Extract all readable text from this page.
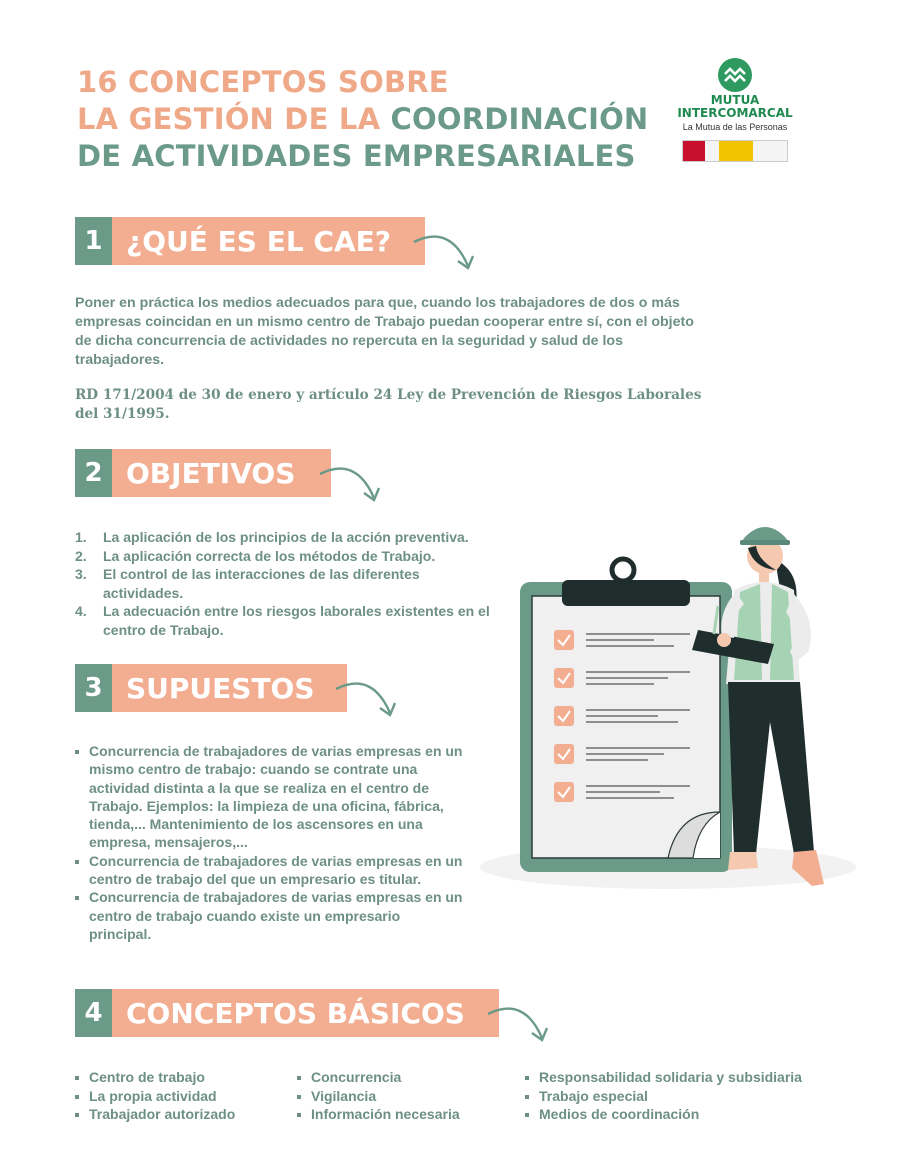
16 CONCEPTOS SOBRE
LA GESTIÓN DE LA COORDINACIÓN
DE ACTIVIDADES EMPRESARIALES
MUTUA
INTERCOMARCAL
La Mutua de las Personas
1 ¿QUÉ ES EL CAE?
Poner en práctica los medios adecuados para que, cuando los trabajadores de dos o más empresas coincidan en un mismo centro de Trabajo puedan cooperar entre sí, con el objeto de dicha concurrencia de actividades no repercuta en la seguridad y salud de los trabajadores.
RD 171/2004 de 30 de enero y artículo 24 Ley de Prevención de Riesgos Laborales del 31/1995.
2 OBJETIVOS
1. La aplicación de los principios de la acción preventiva.
2. La aplicación correcta de los métodos de Trabajo.
3. El control de las interacciones de las diferentes actividades.
4. La adecuación entre los riesgos laborales existentes en el centro de Trabajo.
3 SUPUESTOS
Concurrencia de trabajadores de varias empresas en un mismo centro de trabajo: cuando se contrate una actividad distinta a la que se realiza en el centro de Trabajo. Ejemplos: la limpieza de una oficina, fábrica, tienda,... Mantenimiento de los ascensores en una empresa, mensajeros,...
Concurrencia de trabajadores de varias empresas en un centro de trabajo del que un empresario es titular.
Concurrencia de trabajadores de varias empresas en un centro de trabajo cuando existe un empresario principal.
4 CONCEPTOS BÁSICOS
Centro de trabajo
La propia actividad
Trabajador autorizado
Concurrencia
Vigilancia
Información necesaria
Responsabilidad solidaria y subsidiaria
Trabajo especial
Medios de coordinación
